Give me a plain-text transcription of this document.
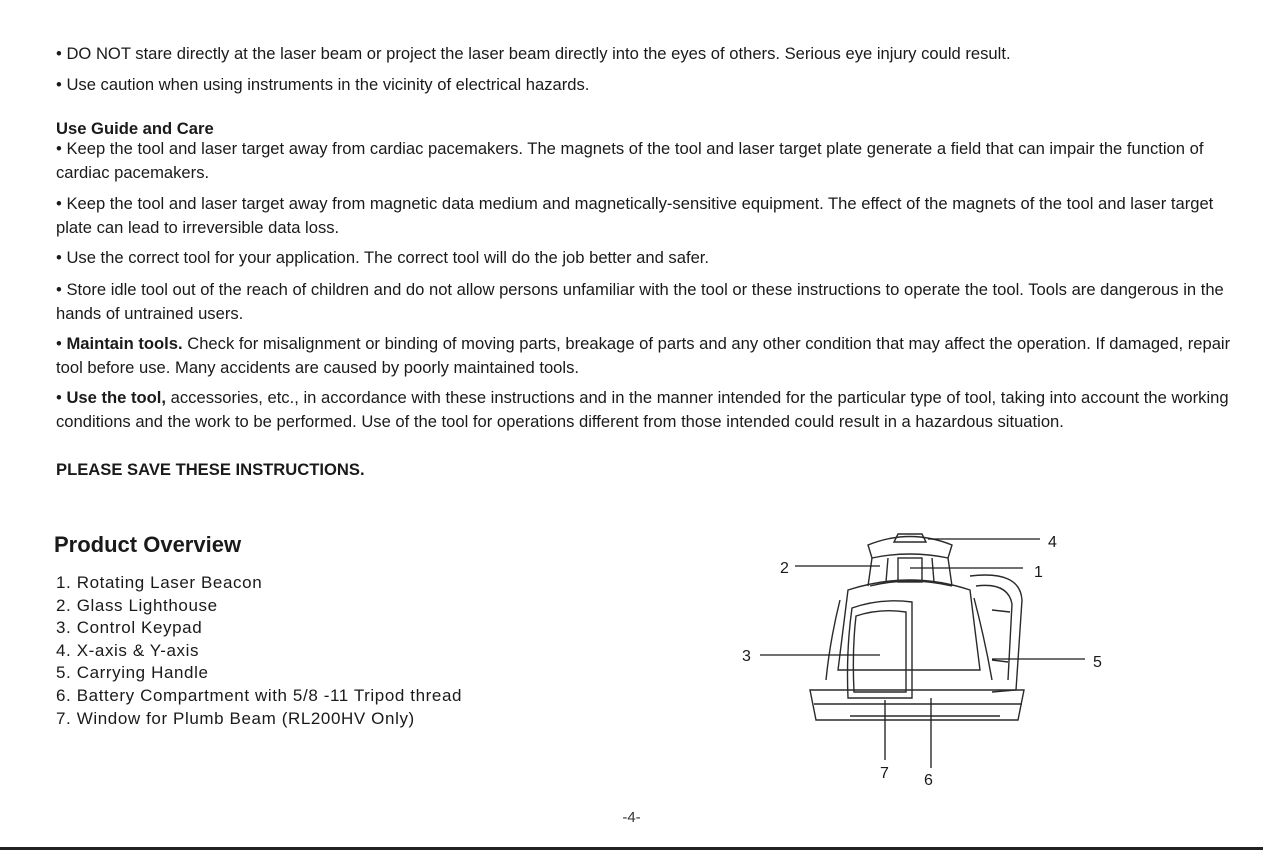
• DO NOT stare directly at the laser beam or project the laser beam directly into the eyes of others. Serious eye injury could result.

• Use caution when using instruments in the vicinity of electrical hazards.

Use Guide and Care

• Keep the tool and laser target away from cardiac pacemakers. The magnets of the tool and laser target plate generate a field that can impair the function of cardiac pacemakers.

• Keep the tool and laser target away from magnetic data medium and magnetically-sensitive equipment. The effect of the magnets of the tool and laser target plate can lead to irreversible data loss.

• Use the correct tool for your application. The correct tool will do the job better and safer.

• Store idle tool out of the reach of children and do not allow persons unfamiliar with the tool or these instructions to operate the tool. Tools are dangerous in the hands of untrained users.

• Maintain tools. Check for misalignment or binding of moving parts, breakage of parts and any other condition that may affect the operation. If damaged, repair tool before use. Many accidents are caused by poorly maintained tools.

• Use the tool, accessories, etc., in accordance with these instructions and in the manner intended for the particular type of tool, taking into account the working conditions and the work to be performed. Use of the tool for operations different from those intended could result in a hazardous situation.

PLEASE SAVE THESE INSTRUCTIONS.
Product Overview
1. Rotating Laser Beacon
2. Glass Lighthouse
3. Control Keypad
4. X-axis & Y-axis
5. Carrying Handle
6. Battery Compartment with 5/8 -11 Tripod thread
7. Window for Plumb Beam (RL200HV Only)
4
1
2
3	5
7 6
-4-
